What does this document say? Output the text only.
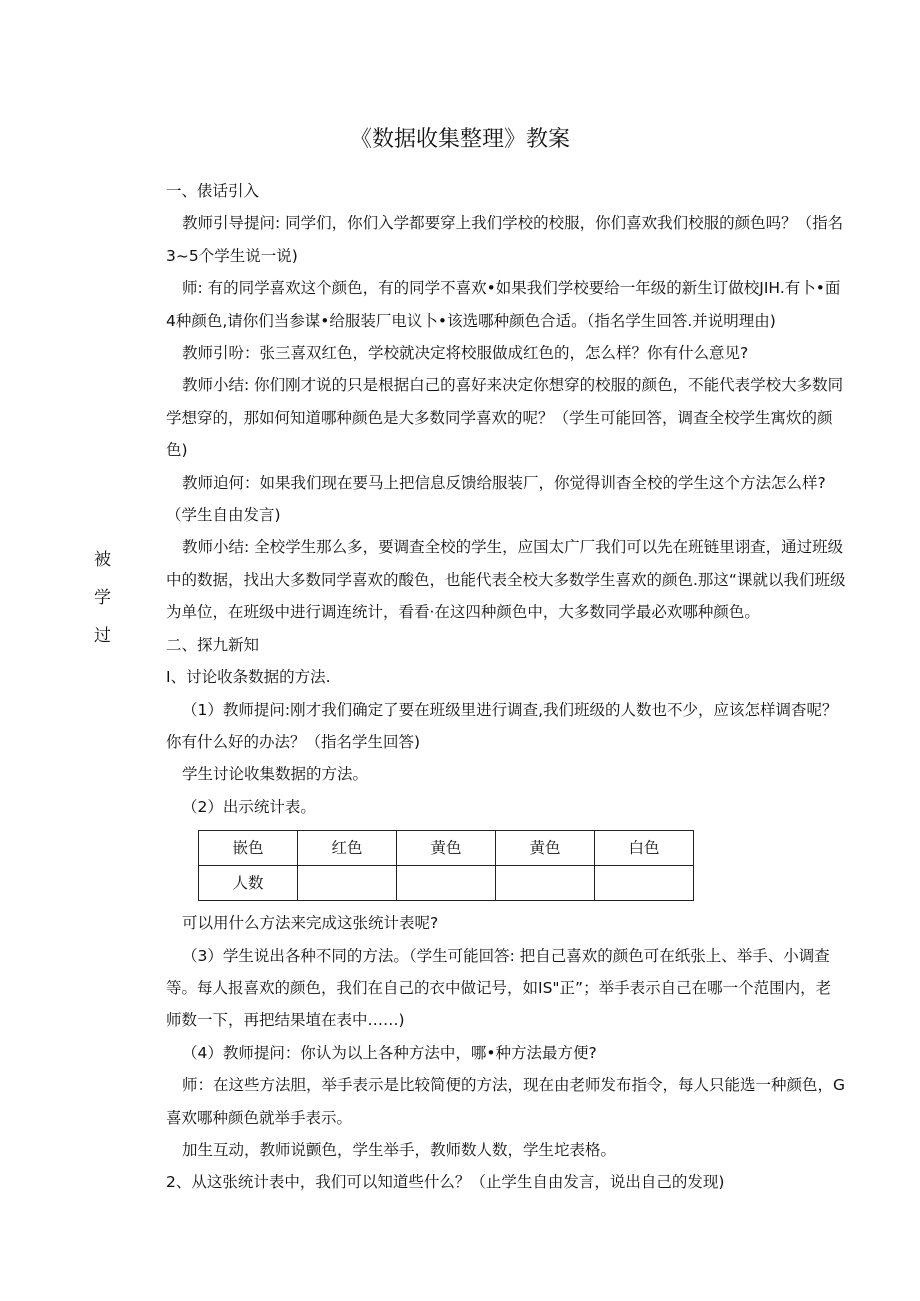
《数据收集整理》教案
被
学
过

一、俵话引入

教师引导提问: 同学们，你们入学都要穿上我们学校的校服，你们喜欢我们校服的颜色吗？（指名3~5个学生说一说)

师: 有的同学喜欢这个颜色，有的同学不喜欢•如果我们学校要给一年级的新生订做校JIH.有卜•面4种颜色,请你们当参谋•给服装厂电议卜•该选哪种颜色合适。（指名学生回答.并说明理由)

教师引吩：张三喜双红色，学校就决定将校服做成红色的，怎么样？你有什么意见?

教师小结: 你们刚才说的只是根据白己的喜好来决定你想穿的校服的颜色，不能代表学校大多数同学想穿的，那如何知道哪种颜色是大多数同学喜欢的呢？（学生可能回答，调查全校学生寓炊的颜色)

教师迫何：如果我们现在要马上把信息反馈给服装厂，你觉得训杳全校的学生这个方法怎么样?（学生自由发言)

教师小结: 全校学生那么多，要调查全校的学生，应国太广厂我们可以先在班链里诩查，通过班级中的数据，找出大多数同学喜欢的酸色，也能代表全校大多数学生喜欢的颜色.那这“课就以我们班级为单位，在班级中进行调连统计，看看·在这四种颜色中，大多数同学最必欢哪种颜色。

二、探九新知

I、讨论收条数据的方法.

（1）教师提问:刚才我们确定了要在班级里进行调查,我们班级的人数也不少，应该怎样调杳呢？你有什么好的办法？（指名学生回答)

学生讨论收集数据的方法。

（2）出示统计表。

嵌色	红色	黄色	黄色	白色
人数				

可以用什么方法来完成这张统计表呢?

（3）学生说出各种不同的方法。（学生可能回答: 把自己喜欢的颜色可在纸张上、举手、小调查等。每人报喜欢的颜色，我们在自己的衣中做记号，如IS"正”；举手表示自己在哪一个范围内，老师数一下，再把结果埴在表中……)

（4）教师提问：你认为以上各种方法中，哪•种方法最方便?

师：在这些方法胆，举手表示是比较简便的方法，现在由老师发布指令，每人只能选一种颜色，G喜欢哪种颜色就举手表示。

加生互动，教师说颤色，学生举手，教师数人数，学生坨表格。

2、从这张统计表中，我们可以知道些什么？（止学生自由发言，说出自己的发现)
